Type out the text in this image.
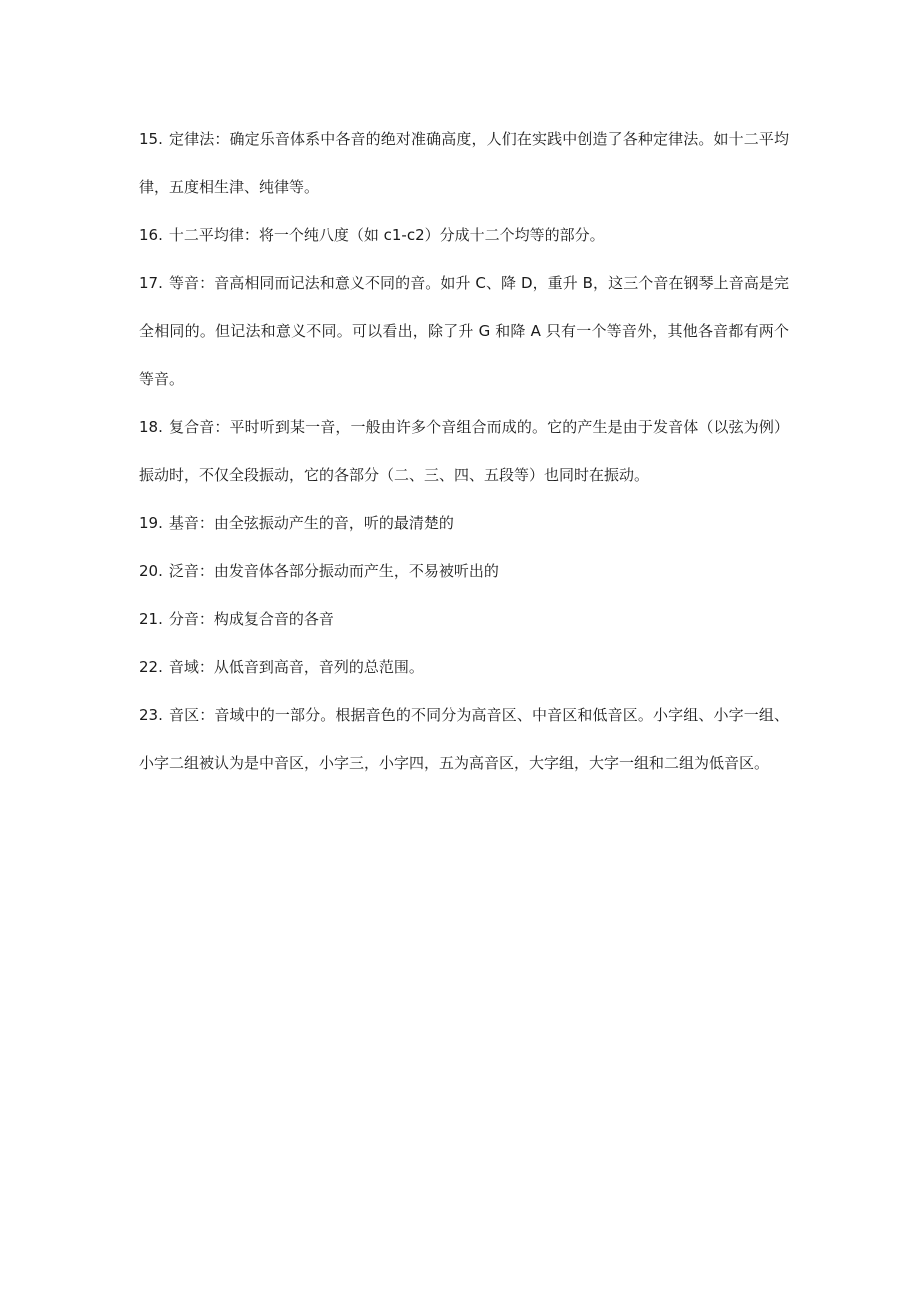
15. 定律法：确定乐音体系中各音的绝对准确高度，人们在实践中创造了各种定律法。如十二平均律，五度相生津、纯律等。

16. 十二平均律：将一个纯八度（如 c1-c2）分成十二个均等的部分。

17. 等音：音高相同而记法和意义不同的音。如升 C、降 D，重升 B，这三个音在钢琴上音高是完全相同的。但记法和意义不同。可以看出，除了升 G 和降 A 只有一个等音外，其他各音都有两个等音。

18. 复合音：平时听到某一音，一般由许多个音组合而成的。它的产生是由于发音体（以弦为例）振动时，不仅全段振动，它的各部分（二、三、四、五段等）也同时在振动。

19. 基音：由全弦振动产生的音，听的最清楚的

20. 泛音：由发音体各部分振动而产生，不易被听出的

21. 分音：构成复合音的各音

22. 音域：从低音到高音，音列的总范围。

23. 音区：音域中的一部分。根据音色的不同分为高音区、中音区和低音区。小字组、小字一组、小字二组被认为是中音区，小字三，小字四，五为高音区，大字组，大字一组和二组为低音区。
